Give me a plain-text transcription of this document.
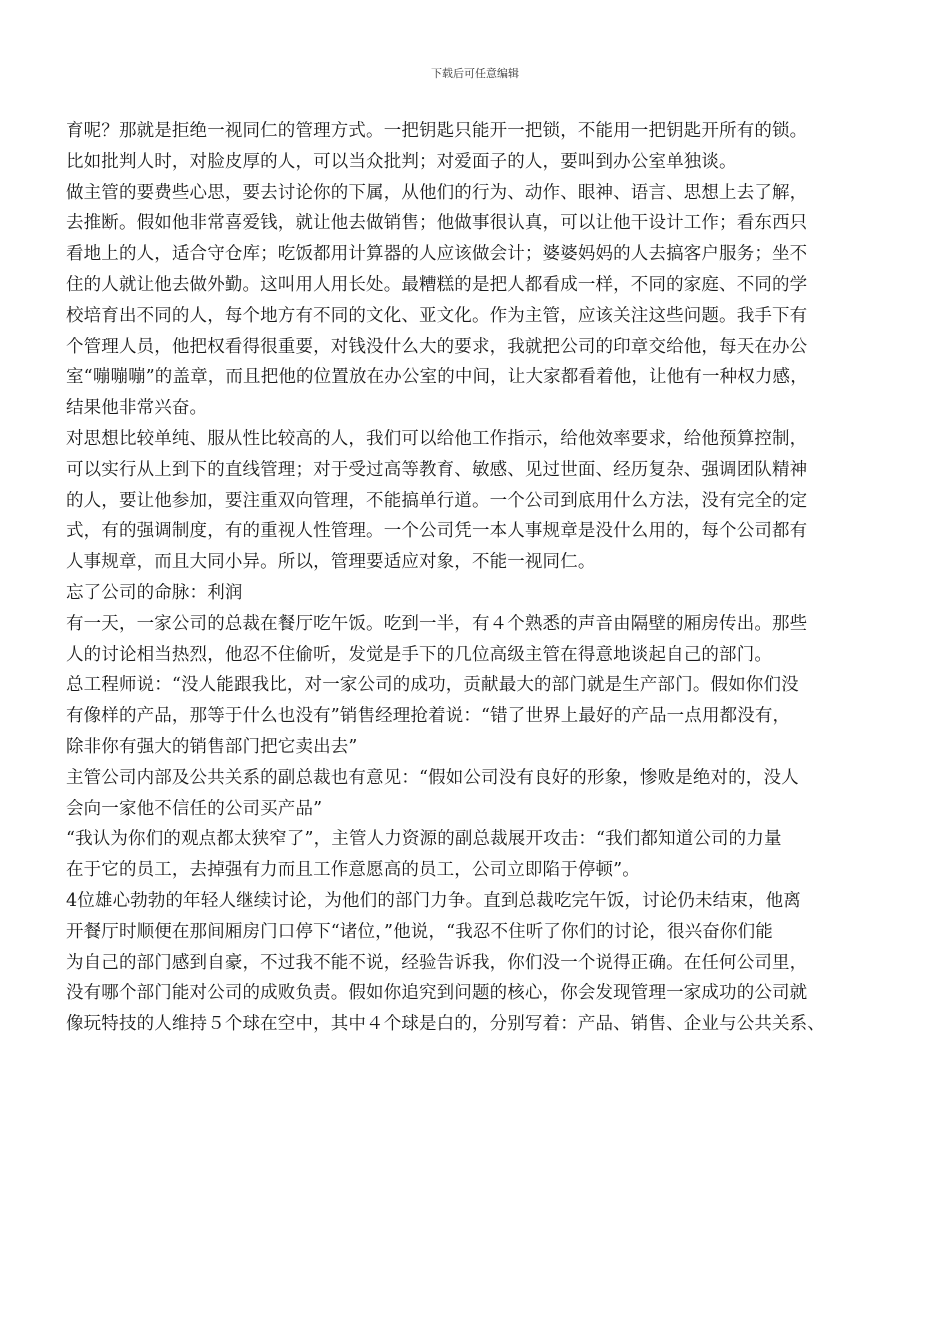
下载后可任意编辑
育呢？那就是拒绝一视同仁的管理方式。一把钥匙只能开一把锁，不能用一把钥匙开所有的锁。
比如批判人时，对脸皮厚的人，可以当众批判；对爱面子的人，要叫到办公室单独谈。
做主管的要费些心思，要去讨论你的下属，从他们的行为、动作、眼神、语言、思想上去了解，
去推断。假如他非常喜爱钱，就让他去做销售；他做事很认真，可以让他干设计工作；看东西只
看地上的人，适合守仓库；吃饭都用计算器的人应该做会计；婆婆妈妈的人去搞客户服务；坐不
住的人就让他去做外勤。这叫用人用长处。最糟糕的是把人都看成一样，不同的家庭、不同的学
校培育出不同的人，每个地方有不同的文化、亚文化。作为主管，应该关注这些问题。我手下有
个管理人员，他把权看得很重要，对钱没什么大的要求，我就把公司的印章交给他，每天在办公
室“嘣嘣嘣”的盖章，而且把他的位置放在办公室的中间，让大家都看着他，让他有一种权力感，
结果他非常兴奋。
对思想比较单纯、服从性比较高的人，我们可以给他工作指示，给他效率要求，给他预算控制，
可以实行从上到下的直线管理；对于受过高等教育、敏感、见过世面、经历复杂、强调团队精神
的人，要让他参加，要注重双向管理，不能搞单行道。一个公司到底用什么方法，没有完全的定
式，有的强调制度，有的重视人性管理。一个公司凭一本人事规章是没什么用的，每个公司都有
人事规章，而且大同小异。所以，管理要适应对象，不能一视同仁。
忘了公司的命脉：利润
有一天，一家公司的总裁在餐厅吃午饭。吃到一半，有４个熟悉的声音由隔壁的厢房传出。那些
人的讨论相当热烈，他忍不住偷听，发觉是手下的几位高级主管在得意地谈起自己的部门。
总工程师说：“没人能跟我比，对一家公司的成功，贡献最大的部门就是生产部门。假如你们没
有像样的产品，那等于什么也没有”销售经理抢着说：“错了世界上最好的产品一点用都没有，
除非你有强大的销售部门把它卖出去”
主管公司内部及公共关系的副总裁也有意见：“假如公司没有良好的形象，惨败是绝对的，没人
会向一家他不信任的公司买产品”
“我认为你们的观点都太狭窄了”，主管人力资源的副总裁展开攻击：“我们都知道公司的力量
在于它的员工，去掉强有力而且工作意愿高的员工，公司立即陷于停顿”。
4位雄心勃勃的年轻人继续讨论，为他们的部门力争。直到总裁吃完午饭，讨论仍未结束，他离
开餐厅时顺便在那间厢房门口停下“诸位，”他说，“我忍不住听了你们的讨论，很兴奋你们能
为自己的部门感到自豪，不过我不能不说，经验告诉我，你们没一个说得正确。在任何公司里，
没有哪个部门能对公司的成败负责。假如你追究到问题的核心，你会发现管理一家成功的公司就
像玩特技的人维持５个球在空中，其中４个球是白的，分别写着：产品、销售、企业与公共关系、
